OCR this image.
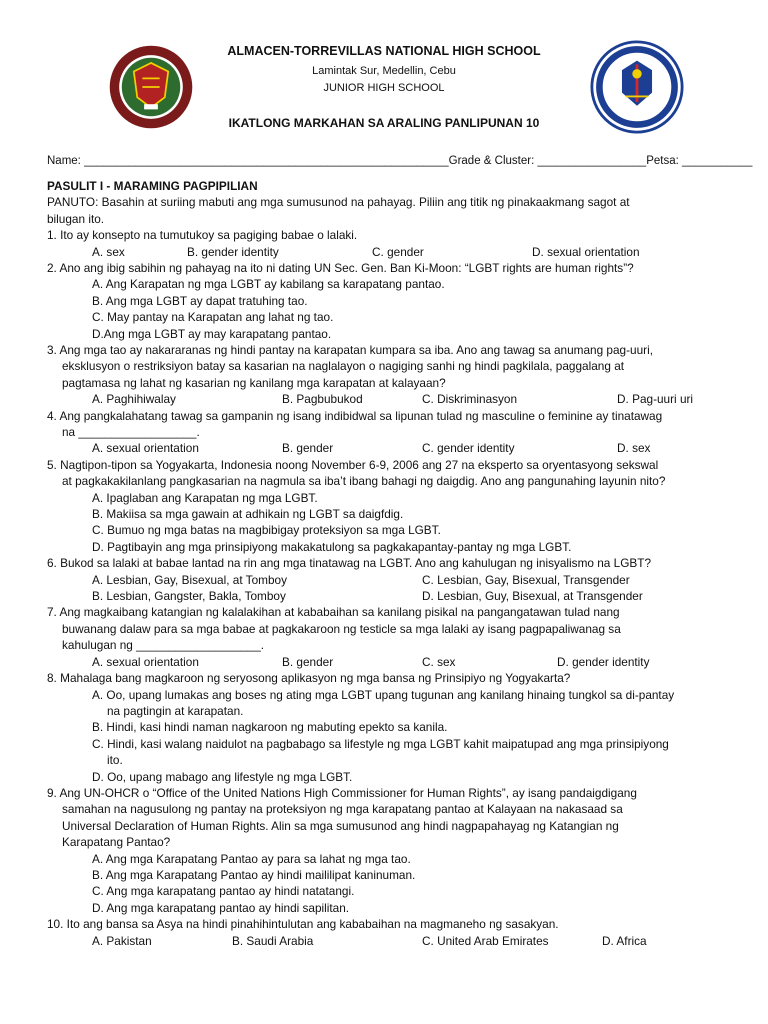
ALMACEN-TORREVILLAS NATIONAL HIGH SCHOOL
Lamintak Sur, Medellin, Cebu
JUNIOR HIGH SCHOOL
IKATLONG MARKAHAN SA ARALING PANLIPUNAN 10
Name: _________________________________________________________Grade & Cluster: _________________Petsa: ___________
PASULIT I - MARAMING PAGPIPILIAN
PANUTO: Basahin at suriing mabuti ang mga sumusunod na pahayag. Piliin ang titik ng pinakaakmang sagot at
bilugan ito.
1. Ito ay konsepto na tumutukoy sa pagiging babae o lalaki.
A. sex	B. gender identity	C. gender	D. sexual orientation
2. Ano ang ibig sabihin ng pahayag na ito ni dating UN Sec. Gen. Ban Ki-Moon: “LGBT rights are human rights”?
A. Ang Karapatan ng mga LGBT ay kabilang sa karapatang pantao.
B. Ang mga LGBT ay dapat tratuhing tao.
C. May pantay na Karapatan ang lahat ng tao.
D.Ang mga LGBT ay may karapatang pantao.
3. Ang mga tao ay nakararanas ng hindi pantay na karapatan kumpara sa iba. Ano ang tawag sa anumang pag-uuri,
eksklusyon o restriksiyon batay sa kasarian na naglalayon o nagiging sanhi ng hindi pagkilala, paggalang at
pagtamasa ng lahat ng kasarian ng kanilang mga karapatan at kalayaan?
A. Paghihiwalay	B. Pagbubukod	C. Diskriminasyon	D. Pag-uuri uri
4. Ang pangkalahatang tawag sa gampanin ng isang indibidwal sa lipunan tulad ng masculine o feminine ay tinatawag
na __________________.
A. sexual orientation	B. gender	C. gender identity	D. sex
5. Nagtipon-tipon sa Yogyakarta, Indonesia noong November 6-9, 2006 ang 27 na eksperto sa oryentasyong sekswal
at pagkakakilanlang pangkasarian na nagmula sa iba’t ibang bahagi ng daigdig. Ano ang pangunahing layunin nito?
A. Ipaglaban ang Karapatan ng mga LGBT.
B. Makiisa sa mga gawain at adhikain ng LGBT sa daigfdig.
C. Bumuo ng mga batas na magbibigay proteksiyon sa mga LGBT.
D. Pagtibayin ang mga prinsipiyong makakatulong sa pagkakapantay-pantay ng mga LGBT.
6. Bukod sa lalaki at babae lantad na rin ang mga tinatawag na LGBT. Ano ang kahulugan ng inisyalismo na LGBT?
A. Lesbian, Gay, Bisexual, at Tomboy	C. Lesbian, Gay, Bisexual, Transgender
B. Lesbian, Gangster, Bakla, Tomboy	D. Lesbian, Guy, Bisexual, at Transgender
7. Ang magkaibang katangian ng kalalakihan at kababaihan sa kanilang pisikal na pangangatawan tulad nang
buwanang dalaw para sa mga babae at pagkakaroon ng testicle sa mga lalaki ay isang pagpapaliwanag sa
kahulugan ng ___________________.
A. sexual orientation	B. gender	C. sex	D. gender identity
8. Mahalaga bang magkaroon ng seryosong aplikasyon ng mga bansa ng Prinsipiyo ng Yogyakarta?
A. Oo, upang lumakas ang boses ng ating mga LGBT upang tugunan ang kanilang hinaing tungkol sa di-pantay
na pagtingin at karapatan.
B. Hindi, kasi hindi naman nagkaroon ng mabuting epekto sa kanila.
C. Hindi, kasi walang naidulot na pagbabago sa lifestyle ng mga LGBT kahit maipatupad ang mga prinsipiyong
ito.
D. Oo, upang mabago ang lifestyle ng mga LGBT.
9. Ang UN-OHCR o “Office of the United Nations High Commissioner for Human Rights”, ay isang pandaigdigang
samahan na nagusulong ng pantay na proteksiyon ng mga karapatang pantao at Kalayaan na nakasaad sa
Universal Declaration of Human Rights. Alin sa mga sumusunod ang hindi nagpapahayag ng Katangian ng
Karapatang Pantao?
A. Ang mga Karapatang Pantao ay para sa lahat ng mga tao.
B. Ang mga Karapatang Pantao ay hindi maililipat kaninuman.
C. Ang mga karapatang pantao ay hindi natatangi.
D. Ang mga karapatang pantao ay hindi sapilitan.
10. Ito ang bansa sa Asya na hindi pinahihintulutan ang kababaihan na magmaneho ng sasakyan.
A. Pakistan	B. Saudi Arabia	C. United Arab Emirates	D. Africa
